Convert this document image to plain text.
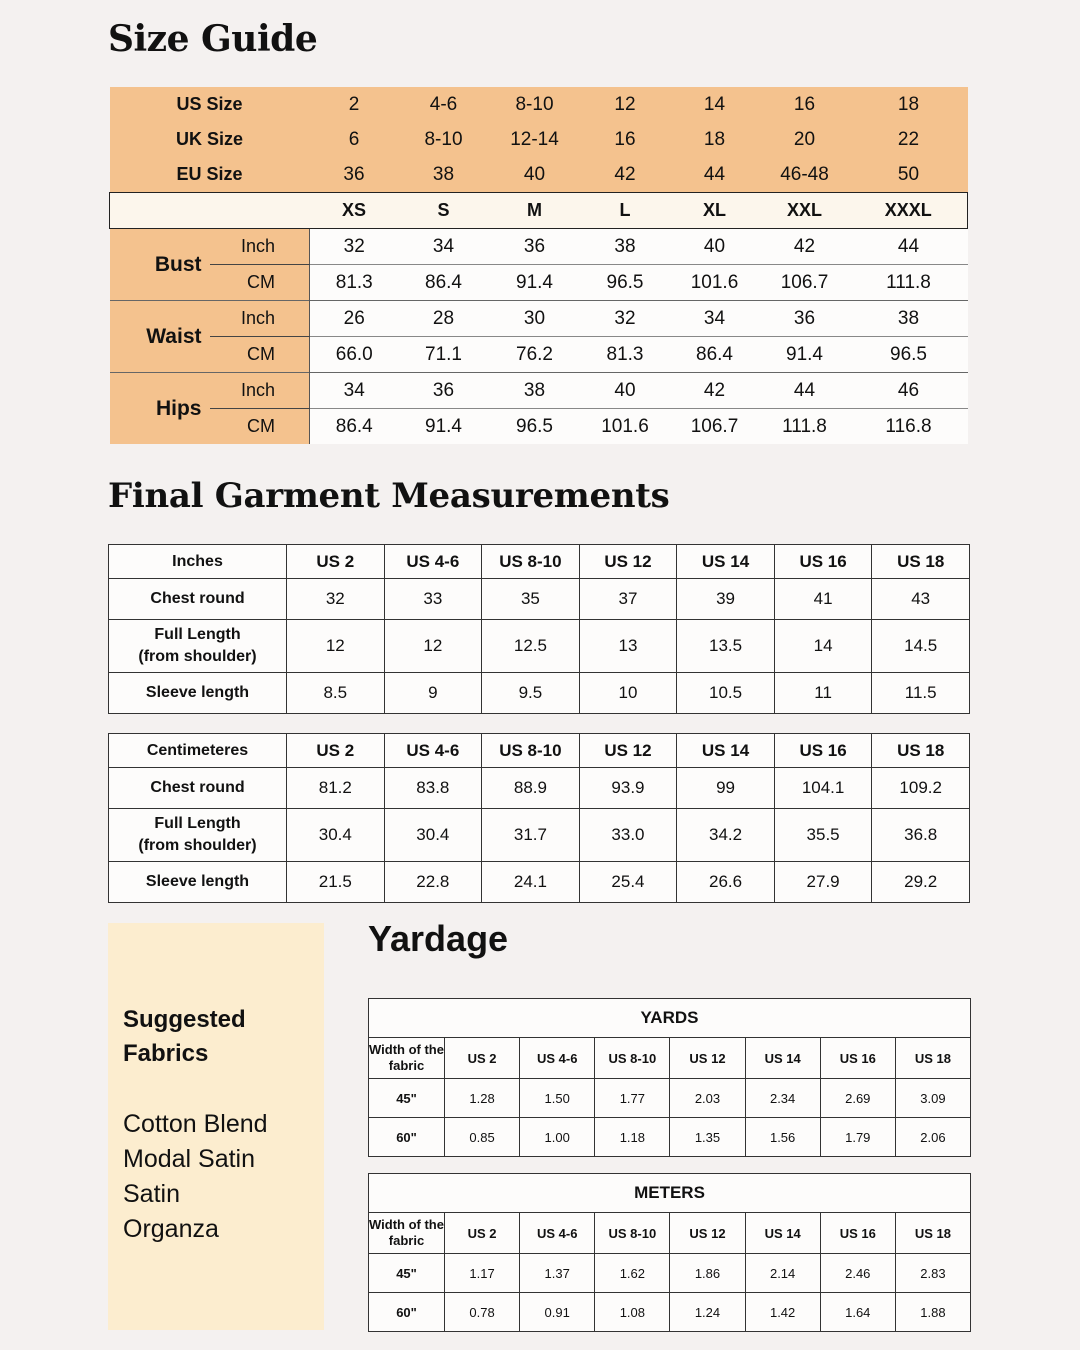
Size Guide
US Size		2	4-6	8-10	12	14	16	18
UK Size		6	8-10	12-14	16	18	20	22
EU Size		36	38	40	42	44	46-48	50
		XS	S	M	L	XL	XXL	XXXL
Bust	Inch	32	34	36	38	40	42	44
	CM	81.3	86.4	91.4	96.5	101.6	106.7	111.8
Waist	Inch	26	28	30	32	34	36	38
	CM	66.0	71.1	76.2	81.3	86.4	91.4	96.5
Hips	Inch	34	36	38	40	42	44	46
	CM	86.4	91.4	96.5	101.6	106.7	111.8	116.8
Final Garment Measurements
Inches	US 2	US 4-6	US 8-10	US 12	US 14	US 16	US 18

Chest round	32	33	35	37	39	41	43

Full Length
(from shoulder)	12	12	12.5	13	13.5	14	14.5

Sleeve length	8.5	9	9.5	10	10.5	11	11.5
Centimeteres	US 2	US 4-6	US 8-10	US 12	US 14	US 16	US 18

Chest round	81.2	83.8	88.9	93.9	99	104.1	109.2

Full Length
(from shoulder)	30.4	30.4	31.7	33.0	34.2	35.5	36.8

Sleeve length	21.5	22.8	24.1	25.4	26.6	27.9	29.2
Suggested
Fabrics
Cotton Blend
Modal Satin
Satin
Organza
Yardage
YARDS							

Width of the
fabric	US 2	US 4-6	US 8-10	US 12	US 14	US 16	US 18
45"	1.28	1.50	1.77	2.03	2.34	2.69	3.09
60"	0.85	1.00	1.18	1.35	1.56	1.79	2.06
METERS							

Width of the
fabric	US 2	US 4-6	US 8-10	US 12	US 14	US 16	US 18
45"	1.17	1.37	1.62	1.86	2.14	2.46	2.83
60"	0.78	0.91	1.08	1.24	1.42	1.64	1.88
